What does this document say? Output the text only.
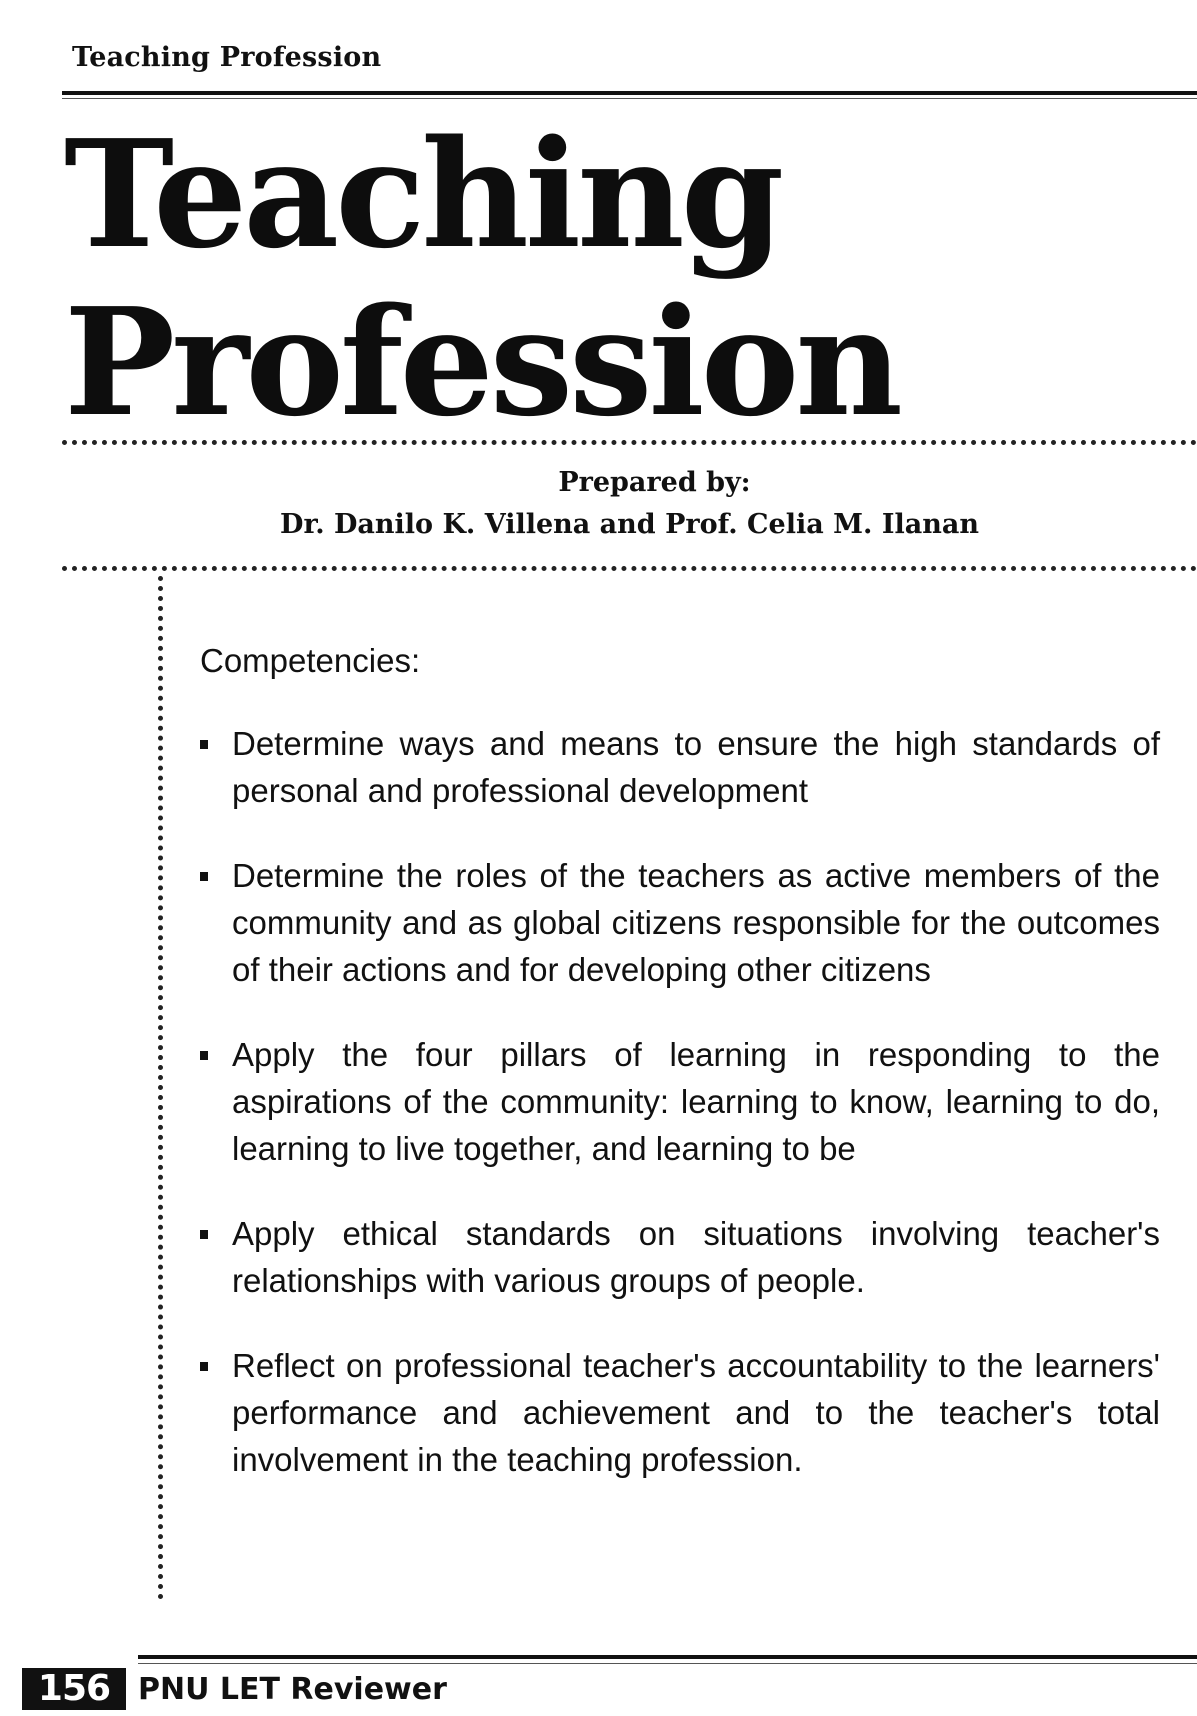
Teaching Profession
Teaching
Profession
Prepared by:
Dr. Danilo K. Villena and Prof. Celia M. Ilanan
Competencies:
Determine ways and means to ensure the high standards of personal and professional development
Determine the roles of the teachers as active members of the community and as global citizens responsible for the outcomes of their actions and for developing other citizens
Apply the four pillars of learning in responding to the aspirations of the community: learning to know, learning to do, learning to live together, and learning to be
Apply ethical standards on situations involving teacher's relationships with various groups of people.
Reflect on professional teacher's accountability to the learners' performance and achievement and to the teacher's total involvement in the teaching profession.
156 PNU LET Reviewer
